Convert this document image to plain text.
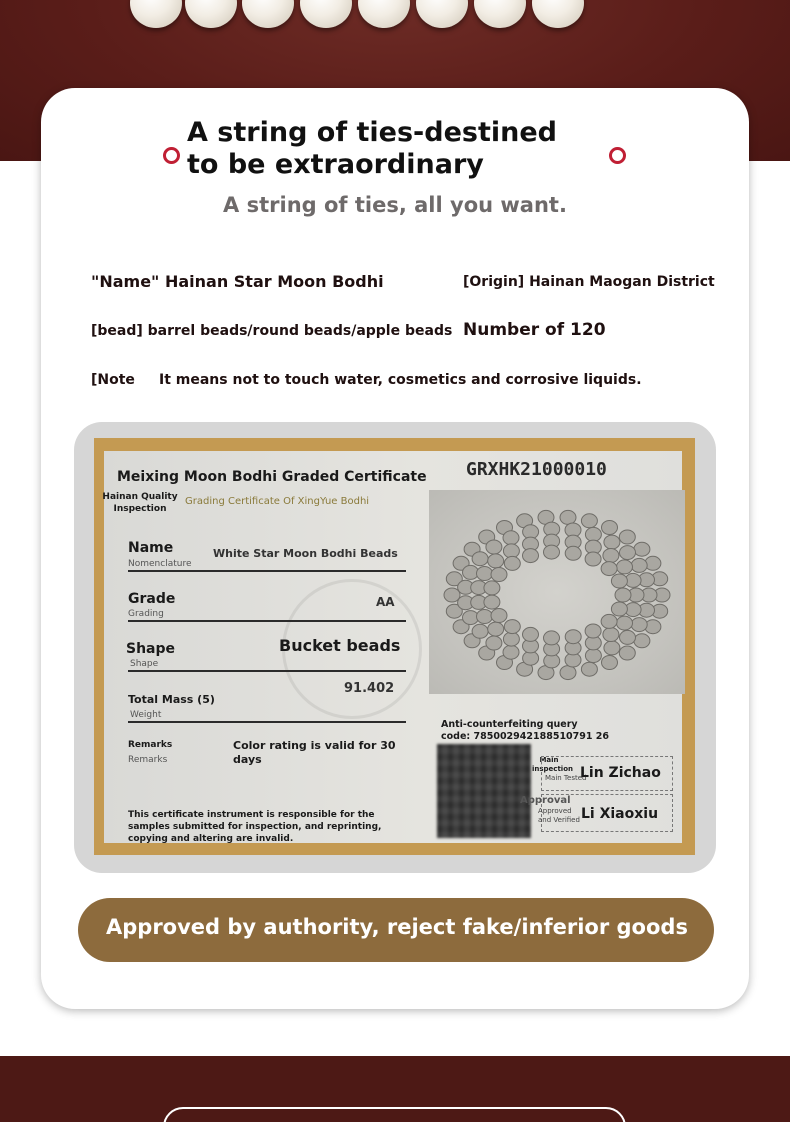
A string of ties-destined to be extraordinary
A string of ties, all you want.
"Name" Hainan Star Moon Bodhi	[Origin] Hainan Maogan District
[bead] barrel beads/round beads/apple beads Number of 120
[Note It means not to touch water, cosmetics and corrosive liquids.
Meixing Moon Bodhi Graded Certificate GRXHK21000010
Hainan Quality Inspection
Grading Certificate Of XingYue Bodhi
Name
Nomenclature
White Star Moon Bodhi Beads
Grade
Grading
AA
Shape
Shape
Bucket beads
Total Mass (5)
Weight
91.402
Remarks
Remarks
Color rating is valid for 30 days
This certificate instrument is responsible for the samples submitted for inspection, and reprinting, copying and altering are invalid.
Anti-counterfeiting query
code: 785002942188510791 26
Main inspection
Main Tested
Lin Zichao
Approval
Approved and Verified Li Xiaoxiu
Approved by authority, reject fake/inferior goods
